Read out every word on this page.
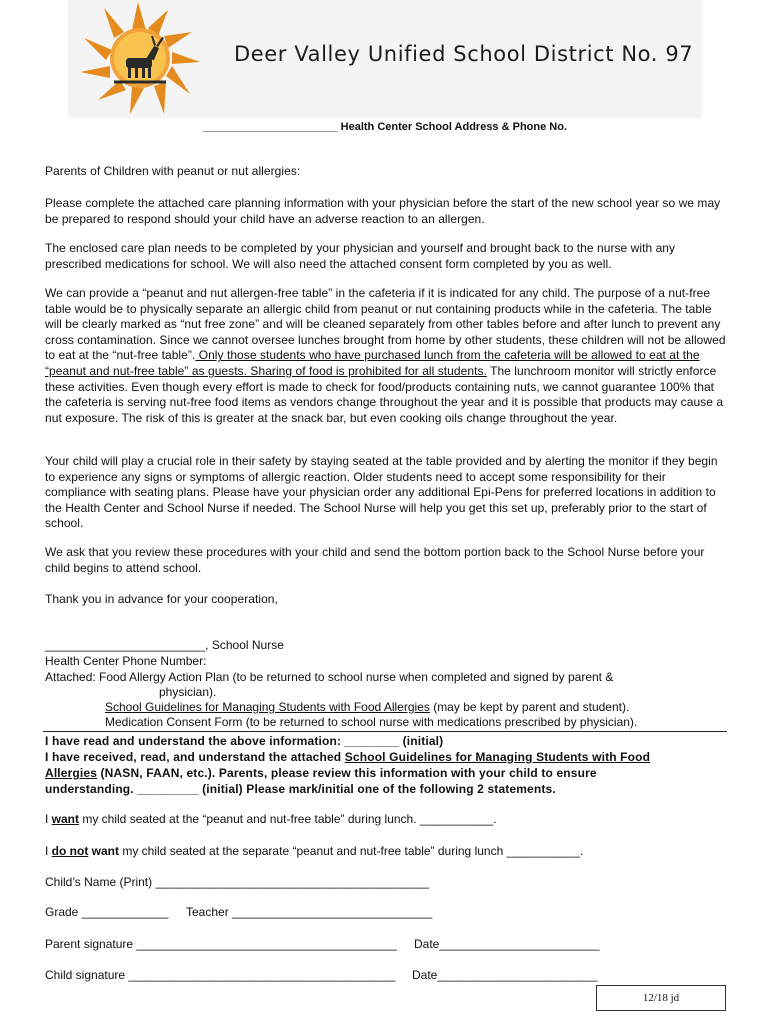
Deer Valley Unified School District No. 97
______________________ Health Center School Address & Phone No.
Parents of Children with peanut or nut allergies:
Please complete the attached care planning information with your physician before the start of the new school year so we may be prepared to respond should your child have an adverse reaction to an allergen.
The enclosed care plan needs to be completed by your physician and yourself and brought back to the nurse with any prescribed medications for school. We will also need the attached consent form completed by you as well.

We can provide a “peanut and nut allergen-free table” in the cafeteria if it is indicated for any child. The purpose of a nut-free table would be to physically separate an allergic child from peanut or nut containing products while in the cafeteria. The table will be clearly marked as “nut free zone” and will be cleaned separately from other tables before and after lunch to prevent any cross contamination. Since we cannot oversee lunches brought from home by other students, these children will not be allowed to eat at the “nut-free table”. Only those students who have purchased lunch from the cafeteria will be allowed to eat at the “peanut and nut-free table” as guests. Sharing of food is prohibited for all students. The lunchroom monitor will strictly enforce these activities. Even though every effort is made to check for food/products containing nuts, we cannot guarantee 100% that the cafeteria is serving nut-free food items as vendors change throughout the year and it is possible that products may cause a nut exposure. The risk of this is greater at the snack bar, but even cooking oils change throughout the year.

Your child will play a crucial role in their safety by staying seated at the table provided and by alerting the monitor if they begin to experience any signs or symptoms of allergic reaction. Older students need to accept some responsibility for their compliance with seating plans. Please have your physician order any additional Epi-Pens for preferred locations in addition to the Health Center and School Nurse if needed. The School Nurse will help you get this set up, preferably prior to the start of school.
We ask that you review these procedures with your child and send the bottom portion back to the School Nurse before your child begins to attend school.
Thank you in advance for your cooperation,
________________________, School Nurse
Health Center Phone Number:
Attached: Food Allergy Action Plan (to be returned to school nurse when completed and signed by parent &
physician).
School Guidelines for Managing Students with Food Allergies (may be kept by parent and student).
Medication Consent Form (to be returned to school nurse with medications prescribed by physician).
I have read and understand the above information: ________ (initial)
I have received, read, and understand the attached School Guidelines for Managing Students with Food
Allergies (NASN, FAAN, etc.). Parents, please review this information with your child to ensure
understanding. _________ (initial) Please mark/initial one of the following 2 statements.
I want my child seated at the “peanut and nut-free table” during lunch. ___________.
I do not want my child seated at the separate “peanut and nut-free table” during lunch ___________.
Child’s Name (Print) _________________________________________
Grade _____________ Teacher ______________________________
Parent signature _______________________________________ Date________________________
Child signature ________________________________________ Date________________________
12/18 jd
